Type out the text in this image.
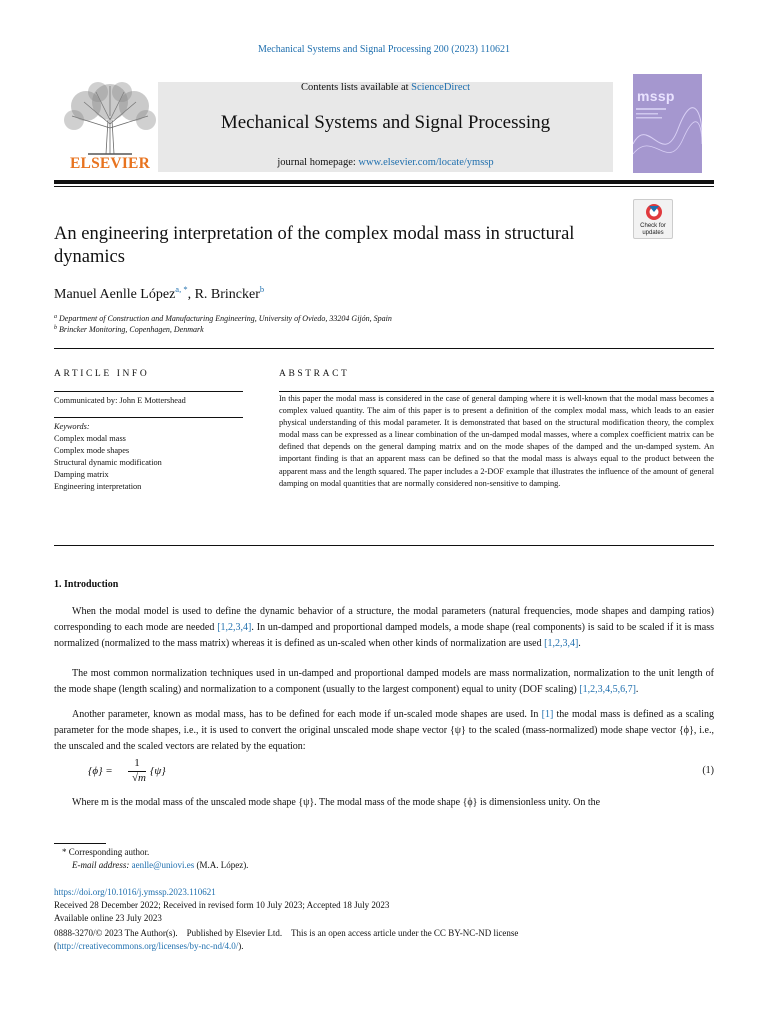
Mechanical Systems and Signal Processing 200 (2023) 110621
ELSEVIER
Contents lists available at ScienceDirect
Mechanical Systems and Signal Processing
journal homepage: www.elsevier.com/locate/ymssp
mssp
Check for updates
An engineering interpretation of the complex modal mass in structural dynamics
Manuel Aenlle López$^{a, *}$, R. Brincker$^b$
$^a$ Department of Construction and Manufacturing Engineering, University of Oviedo, 33204 Gijón, Spain
$^b$ Brincker Monitoring, Copenhagen, Denmark
ARTICLE INFO
Communicated by: John E Mottershead
Keywords:
Complex modal mass
Complex mode shapes
Structural dynamic modification
Damping matrix
Engineering interpretation
ABSTRACT
In this paper the modal mass is considered in the case of general damping where it is well-known that the modal mass becomes a complex valued quantity. The aim of this paper is to present a definition of the complex modal mass, which leads to an easier physical understanding of this modal parameter. It is demonstrated that based on the structural modification theory, the complex modal mass can be expressed as a linear combination of the un-damped modal masses, where a complex coefficient matrix can be defined that depends on the general damping matrix and on the mode shapes of the damped and the un-damped system. An important finding is that an apparent mass can be defined so that the modal mass is always equal to the product between the apparent mass and the length squared. The paper includes a 2-DOF example that illustrates the influence of the amount of general damping on modal quantities that are normally considered non-sensitive to damping.
1. Introduction
When the modal model is used to define the dynamic behavior of a structure, the modal parameters (natural frequencies, mode shapes and damping ratios) corresponding to each mode are needed [1,2,3,4]. In un-damped and proportional damped models, a mode shape (real components) is said to be scaled if it is mass normalized (normalized to the mass matrix) whereas it is defined as un-scaled when other kinds of normalization are used [1,2,3,4].
The most common normalization techniques used in un-damped and proportional damped models are mass normalization, normalization to the unit length of the mode shape (length scaling) and normalization to a component (usually to the largest component) equal to unity (DOF scaling) [1,2,3,4,5,6,7].
Another parameter, known as modal mass, has to be defined for each mode if un-scaled mode shapes are used. In [1] the modal mass is defined as a scaling parameter for the mode shapes, i.e., it is used to convert the original unscaled mode shape vector {ψ} to the scaled (mass-normalized) mode shape vector {ϕ}, i.e., the unscaled and the scaled vectors are related by the equation:
{ϕ} =
1
√m
{ψ}	(1)
Where m is the modal mass of the unscaled mode shape {ψ}. The modal mass of the mode shape {ϕ} is dimensionless unity. On the
* Corresponding author.
E-mail address: aenlle@uniovi.es (M.A. López).
https://doi.org/10.1016/j.ymssp.2023.110621
Received 28 December 2022; Received in revised form 10 July 2023; Accepted 18 July 2023
Available online 23 July 2023
0888-3270/© 2023 The Author(s).    Published by Elsevier Ltd.    This is an open access article under the CC BY-NC-ND license
(http://creativecommons.org/licenses/by-nc-nd/4.0/).
